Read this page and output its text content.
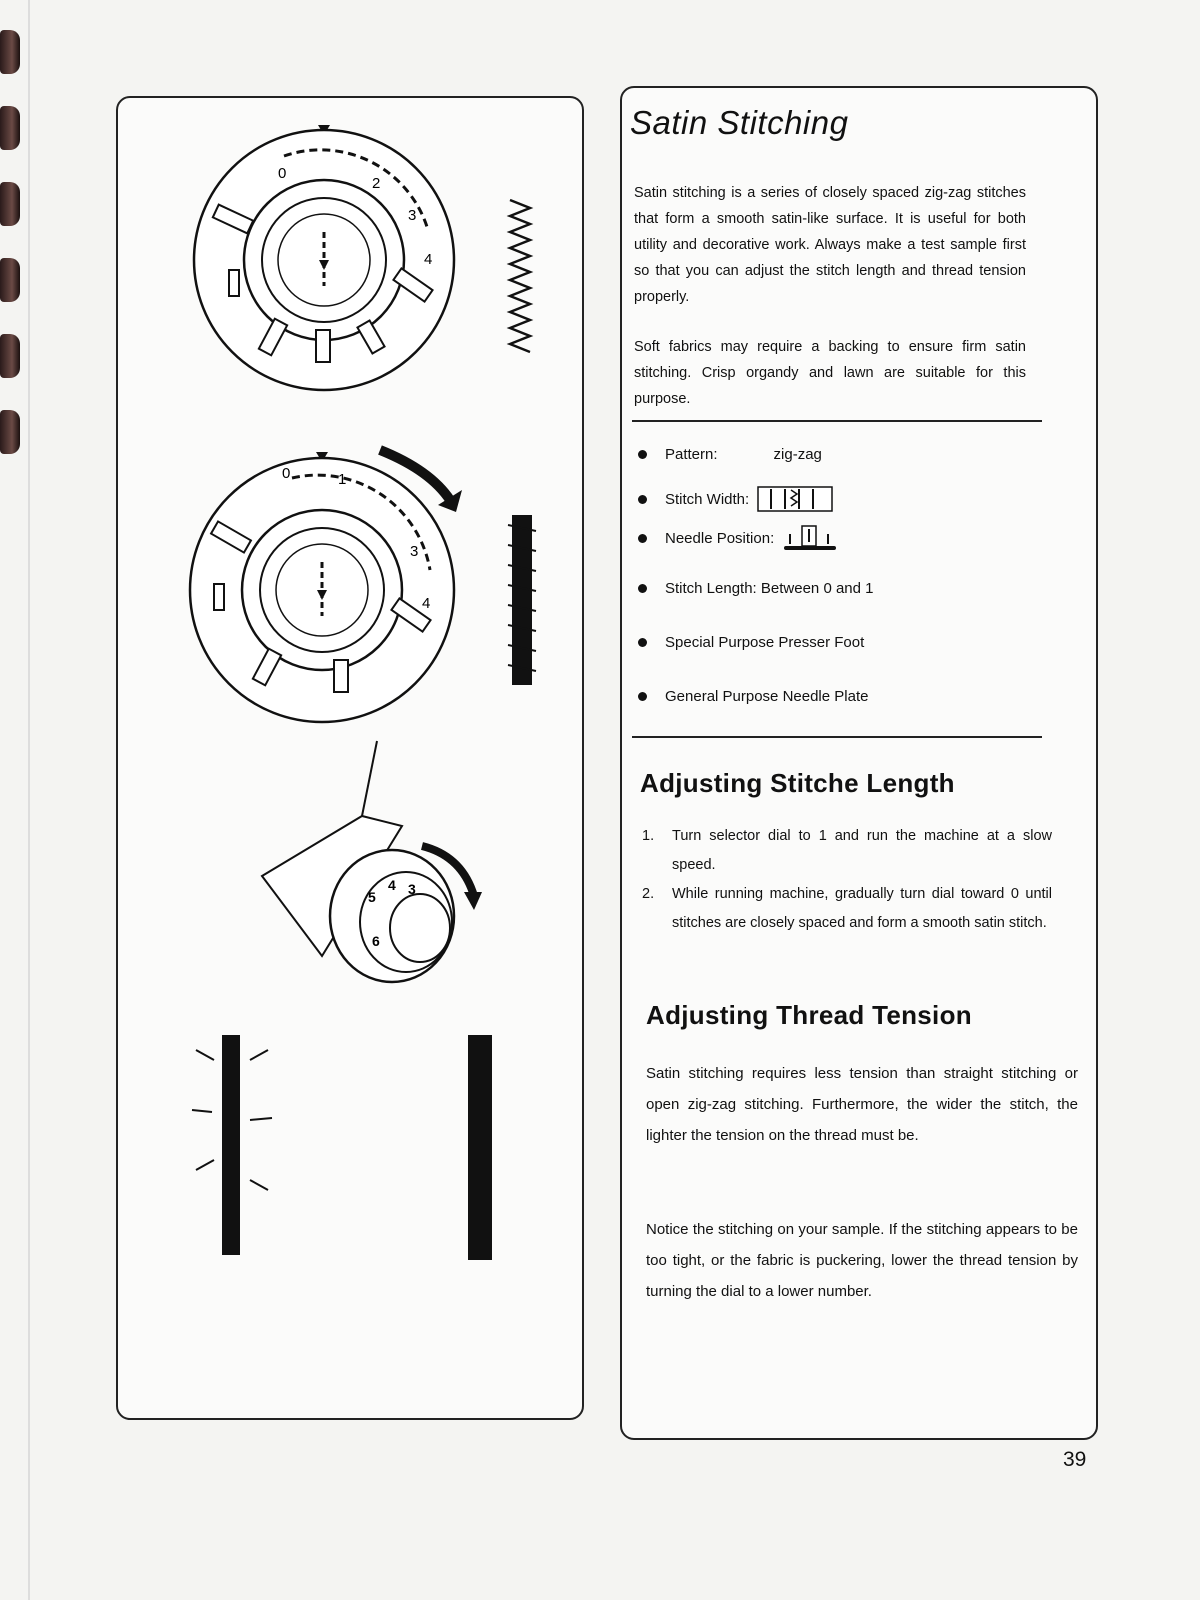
0
2
3
4
0	1
3
4
5
4 3
6
Satin Stitching
Satin stitching is a series of closely spaced zig-zag stitches that form a smooth satin-like surface. It is useful for both utility and decorative work. Always make a test sample first so that you can adjust the stitch length and thread tension properly.
Soft fabrics may require a backing to ensure firm satin stitching. Crisp organdy and lawn are suitable for this purpose.
Pattern:	zig-zag
Stitch Width:
Needle Position:
Stitch Length: Between 0 and 1
Special Purpose Presser Foot
General Purpose Needle Plate
Adjusting Stitche Length
1. Turn selector dial to 1 and run the machine at a slow speed.
2. While running machine, gradually turn dial toward 0 until stitches are closely spaced and form a smooth satin stitch.
Adjusting Thread Tension
Satin stitching requires less tension than straight stitching or open zig-zag stitching. Furthermore, the wider the stitch, the lighter the tension on the thread must be.
Notice the stitching on your sample. If the stitching appears to be too tight, or the fabric is puckering, lower the thread tension by turning the dial to a lower number.
39
